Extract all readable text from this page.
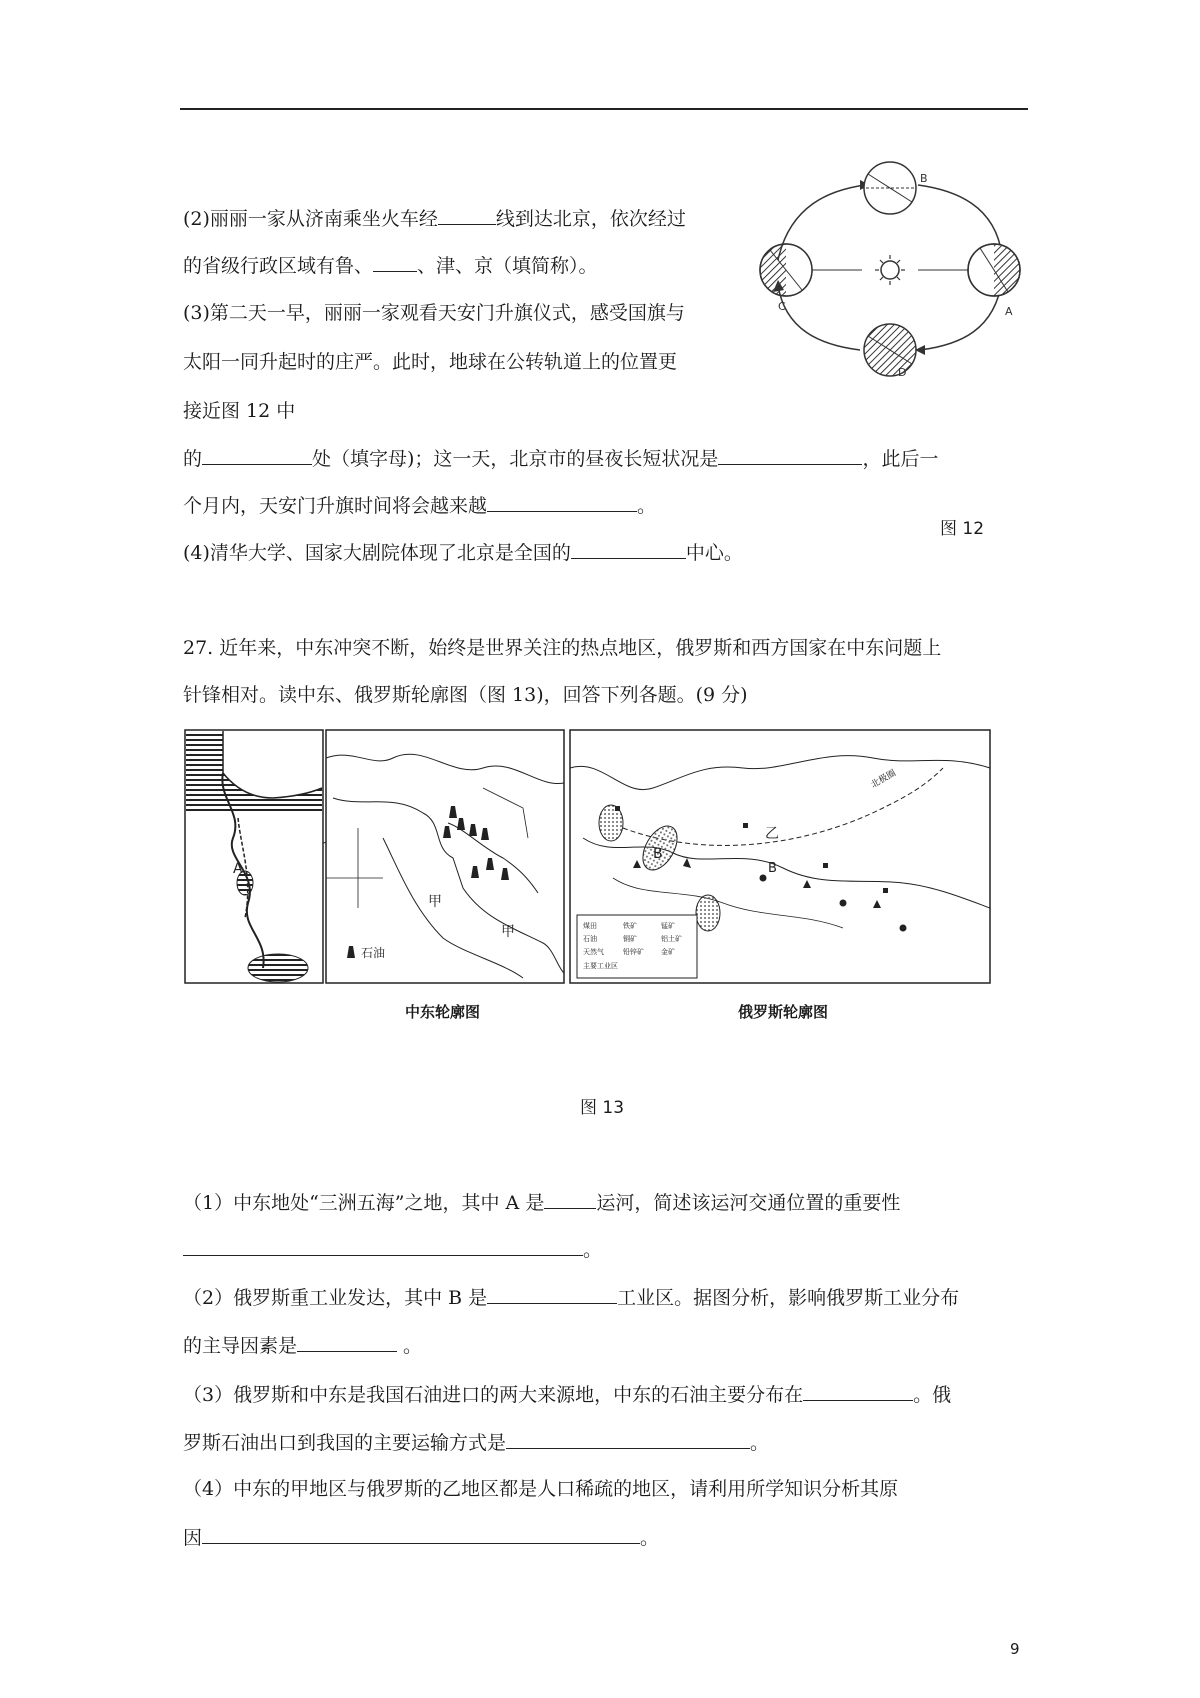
(2)丽丽一家从济南乘坐火车经	线到达北京，依次经过
的省级行政区域有鲁、 、津、京（填简称）。
(3)第二天一早，丽丽一家观看天安门升旗仪式，感受国旗与
太阳一同升起时的庄严。此时，地球在公转轨道上的位置更
接近图 12 中
的	处（填字母)；这一天，北京市的昼夜长短状况是	，此后一
个月内，天安门升旗时间将会越来越	。
图 12
(4)清华大学、国家大剧院体现了北京是全国的	中心。
B
C	A
D
27. 近年来，中东冲突不断，始终是世界关注的热点地区，俄罗斯和西方国家在中东问题上
针锋相对。读中东、俄罗斯轮廓图（图 13)，回答下列各题。(9 分)
A
甲
甲
石油
北极圈
B
B
乙
煤田	铁矿	锰矿
石油	铜矿	铝土矿
天然气	铅锌矿 金矿
主要工业区
中东轮廓图	俄罗斯轮廓图
图 13
（1）中东地处“三洲五海”之地，其中 A 是	运河，简述该运河交通位置的重要性
。
（2）俄罗斯重工业发达，其中 B 是	工业区。据图分析，影响俄罗斯工业分布
的主导因素是	。
（3）俄罗斯和中东是我国石油进口的两大来源地，中东的石油主要分布在	。俄
罗斯石油出口到我国的主要运输方式是	。
（4）中东的甲地区与俄罗斯的乙地区都是人口稀疏的地区，请利用所学知识分析其原
因	。
9
